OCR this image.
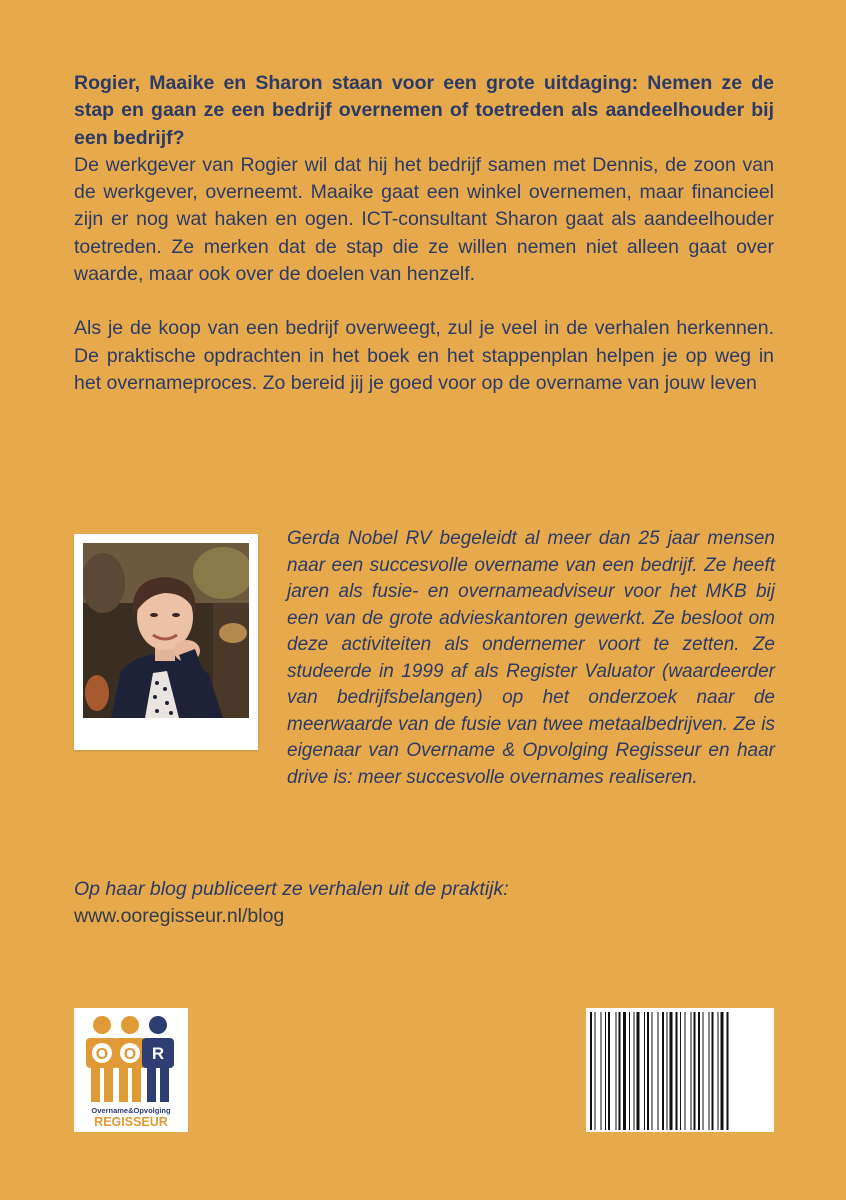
Rogier, Maaike en Sharon staan voor een grote uitdaging: Nemen ze de stap en gaan ze een bedrijf overnemen of toetreden als aandeelhouder bij een bedrijf?

De werkgever van Rogier wil dat hij het bedrijf samen met Dennis, de zoon van de werkgever, overneemt. Maaike gaat een winkel overnemen, maar financieel zijn er nog wat haken en ogen. ICT-consultant Sharon gaat als aandeelhouder toetreden. Ze merken dat de stap die ze willen nemen niet alleen gaat over waarde, maar ook over de doelen van henzelf.

Als je de koop van een bedrijf overweegt, zul je veel in de verhalen herkennen. De praktische opdrachten in het boek en het stappenplan helpen je op weg in het overnameproces. Zo bereid jij je goed voor op de overname van jouw leven

Gerda Nobel RV begeleidt al meer dan 25 jaar mensen naar een succesvolle overname van een bedrijf. Ze heeft jaren als fusie- en overnameadviseur voor het MKB bij een van de grote advieskantoren gewerkt. Ze besloot om deze activiteiten als ondernemer voort te zetten. Ze studeerde in 1999 af als Register Valuator (waardeerder van bedrijfsbelangen) op het onderzoek naar de meerwaarde van de fusie van twee metaalbedrijven. Ze is eigenaar van Overname & Opvolging Regisseur en haar drive is: meer succesvolle overnames realiseren.

Op haar blog publiceert ze verhalen uit de praktijk:
www.ooregisseur.nl/blog
O O R
Overname&Opvolging
REGISSEUR
